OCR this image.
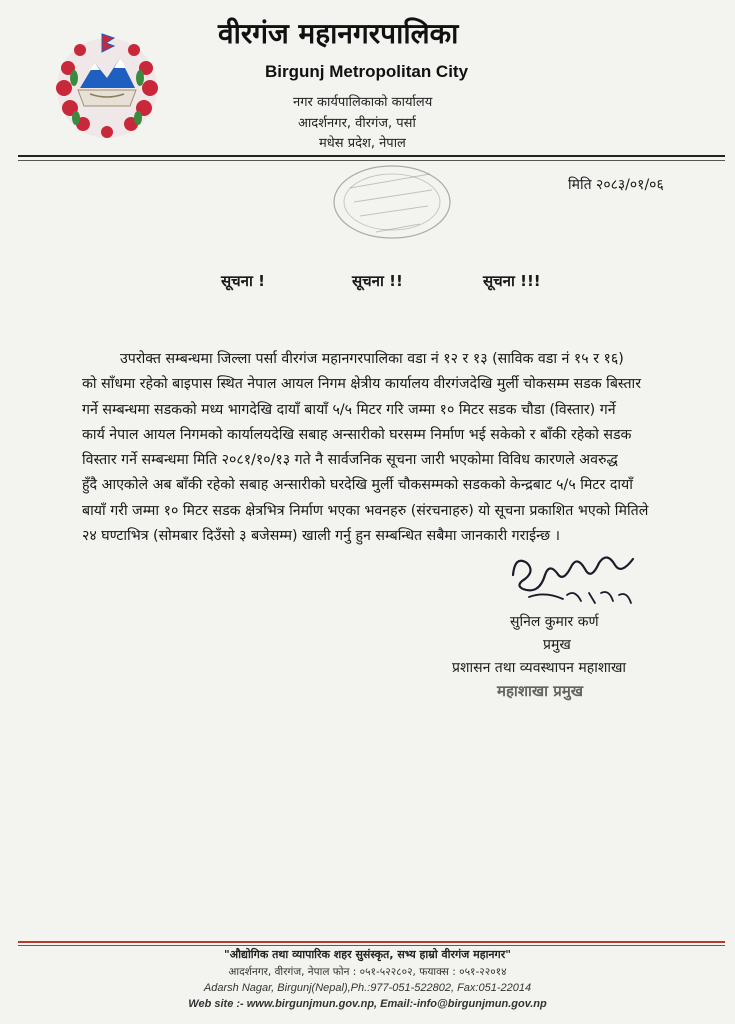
वीरगंज महानगरपालिका
Birgunj Metropolitan City
नगर कार्यपालिकाको कार्यालय
आदर्शनगर, वीरगंज, पर्सा
मधेस प्रदेश, नेपाल
मिति २०८३/०१/०६
सूचना !	सूचना !!	सूचना !!!
उपरोक्त सम्बन्धमा जिल्ला पर्सा वीरगंज महानगरपालिका वडा नं १२ र १३ (साविक वडा नं १५ र १६)
को साँधमा रहेको बाइपास स्थित नेपाल आयल निगम क्षेत्रीय कार्यालय वीरगंजदेखि मुर्ली चोकसम्म सडक बिस्तार
गर्ने सम्बन्धमा सडकको मध्य भागदेखि दायाँ बायाँ ५/५ मिटर गरि जम्मा १० मिटर सडक चौडा (विस्तार) गर्ने
कार्य नेपाल आयल निगमको कार्यालयदेखि सबाह अन्सारीको घरसम्म निर्माण भई सकेको र बाँकी रहेको सडक
विस्तार गर्ने सम्बन्धमा मिति २०८१/१०/१३ गते नै सार्वजनिक सूचना जारी भएकोमा विविध कारणले अवरुद्ध
हुँदै आएकोले अब बाँकी रहेको सबाह अन्सारीको घरदेखि मुर्ली चौकसम्मको सडकको केन्द्रबाट ५/५ मिटर दायाँ
बायाँ गरी जम्मा १० मिटर सडक क्षेत्रभित्र निर्माण भएका भवनहरु (संरचनाहरु) यो सूचना प्रकाशित भएको मितिले
२४ घण्टाभित्र (सोमबार दिउँसो ३ बजेसम्म) खाली गर्नु हुन सम्बन्धित सबैमा जानकारी गराईन्छ ।
सुनिल कुमार कर्ण
प्रमुख
प्रशासन तथा व्यवस्थापन महाशाखा
महाशाखा प्रमुख
"औद्योगिक तथा व्यापारिक शहर सुसंस्कृत, सभ्य हाम्रो वीरगंज महानगर"
आदर्शनगर, वीरगंज, नेपाल फोन : ०५१-५२२८०२, फयाक्स : ०५१-२२०१४
Adarsh Nagar, Birgunj(Nepal),Ph.:977-051-522802, Fax:051-22014
Web site :- www.birgunjmun.gov.np, Email:-info@birgunjmun.gov.np
